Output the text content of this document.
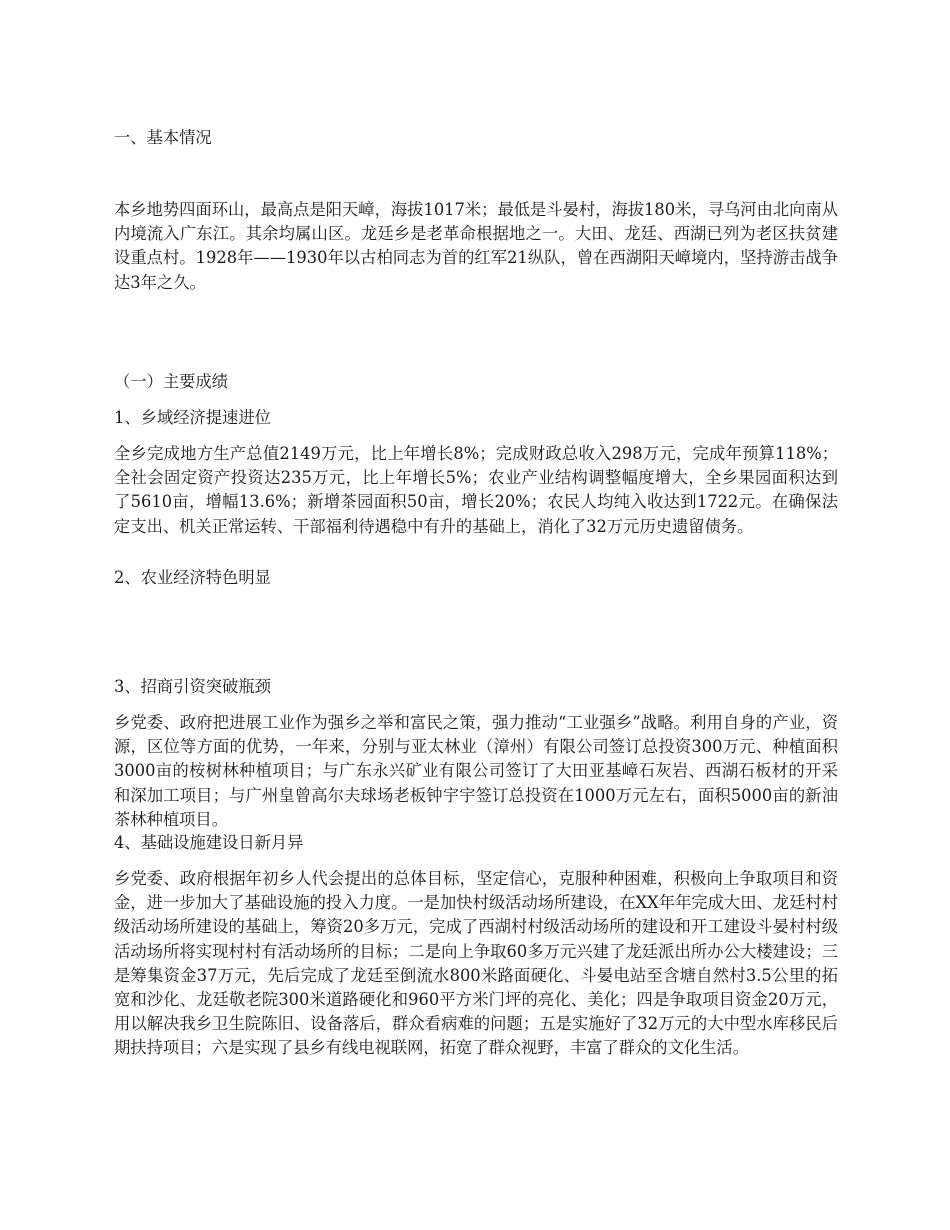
一、基本情况

本乡地势四面环山，最高点是阳天嶂，海拔1017米；最低是斗晏村，海拔180米，寻乌河由北向南从内境流入广东江。其余均属山区。龙廷乡是老革命根据地之一。大田、龙廷、西湖已列为老区扶贫建设重点村。1928年——1930年以古柏同志为首的红军21纵队，曾在西湖阳天嶂境内，坚持游击战争达3年之久。

（一）主要成绩

1、乡域经济提速进位

全乡完成地方生产总值2149万元，比上年增长8%；完成财政总收入298万元，完成年预算118%；全社会固定资产投资达235万元，比上年增长5%；农业产业结构调整幅度增大，全乡果园面积达到了5610亩，增幅13.6%；新增茶园面积50亩，增长20%；农民人均纯入收达到1722元。在确保法定支出、机关正常运转、干部福利待遇稳中有升的基础上，消化了32万元历史遗留债务。

2、农业经济特色明显

3、招商引资突破瓶颈

乡党委、政府把进展工业作为强乡之举和富民之策，强力推动“工业强乡”战略。利用自身的产业，资源，区位等方面的优势，一年来，分别与亚太林业（漳州）有限公司签订总投资300万元、种植面积3000亩的桉树林种植项目；与广东永兴矿业有限公司签订了大田亚基嶂石灰岩、西湖石板材的开采和深加工项目；与广州皇曾高尔夫球场老板钟宇宇签订总投资在1000万元左右，面积5000亩的新油茶林种植项目。

4、基础设施建设日新月异

乡党委、政府根据年初乡人代会提出的总体目标，坚定信心，克服种种困难，积极向上争取项目和资金，进一步加大了基础设施的投入力度。一是加快村级活动场所建设，在XX年年完成大田、龙廷村村级活动场所建设的基础上，筹资20多万元，完成了西湖村村级活动场所的建设和开工建设斗晏村村级活动场所将实现村村有活动场所的目标；二是向上争取60多万元兴建了龙廷派出所办公大楼建设；三是筹集资金37万元，先后完成了龙廷至倒流水800米路面硬化、斗晏电站至含塘自然村3.5公里的拓宽和沙化、龙廷敬老院300米道路硬化和960平方米门坪的亮化、美化；四是争取项目资金20万元，用以解决我乡卫生院陈旧、设备落后，群众看病难的问题；五是实施好了32万元的大中型水库移民后期扶持项目；六是实现了县乡有线电视联网，拓宽了群众视野，丰富了群众的文化生活。
